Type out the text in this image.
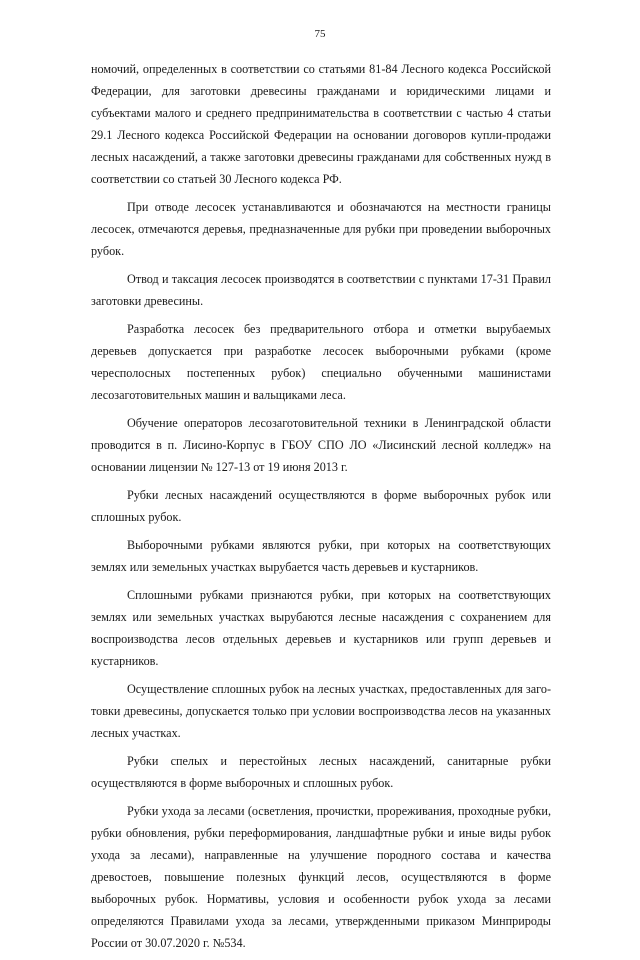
75

номочий, определенных в соответствии со статьями 81-84 Лесного кодекса Российской Федерации, для заготовки древесины гражданами и юридическими лицами и субъектами малого и среднего предпринимательства в соответствии с частью 4 статьи 29.1 Лесного кодекса Российской Федерации на основании договоров купли-продажи лесных насаждений, а также заготовки древесины гражданами для собственных нужд в соответствии со статьей 30 Лесного кодекса РФ.

При отводе лесосек устанавливаются и обозначаются на местности границы лесосек, отмечаются деревья, предназначенные для рубки при проведении выборочных рубок.

Отвод и таксация лесосек производятся в соответствии с пунктами 17-31 Правил заготовки древесины.

Разработка лесосек без предварительного отбора и отметки вырубаемых деревьев допускается при разработке лесосек выборочными рубками (кроме чересполосных постепенных рубок) специально обученными машинистами лесозаготовительных машин и вальщиками леса.

Обучение операторов лесозаготовительной техники в Ленинградской области проводится в п. Лисино-Корпус в ГБОУ СПО ЛО «Лисинский лесной колледж» на основании лицензии № 127-13 от 19 июня 2013 г.

Рубки лесных насаждений осуществляются в форме выборочных рубок или сплошных рубок.

Выборочными рубками являются рубки, при которых на соответствующих землях или земельных участках вырубается часть деревьев и кустарников.

Сплошными рубками признаются рубки, при которых на соответствующих землях или земельных участках вырубаются лесные насаждения с сохранением для воспроизводства лесов отдельных деревьев и кустарников или групп деревьев и кустарников.

Осуществление сплошных рубок на лесных участках, предоставленных для заготовки древесины, допускается только при условии воспроизводства лесов на указанных лесных участках.

Рубки спелых и перестойных лесных насаждений, санитарные рубки осуществляются в форме выборочных и сплошных рубок.

Рубки ухода за лесами (осветления, прочистки, прореживания, проходные рубки, рубки обновления, рубки переформирования, ландшафтные рубки и иные виды рубок ухода за лесами), направленные на улучшение породного состава и качества древостоев, повышение полезных функций лесов, осуществляются в форме выборочных рубок. Нормативы, условия и особенности рубок ухода за лесами определяются Правилами ухода за лесами, утвержденными приказом Минприроды России от 30.07.2020 г. №534.
